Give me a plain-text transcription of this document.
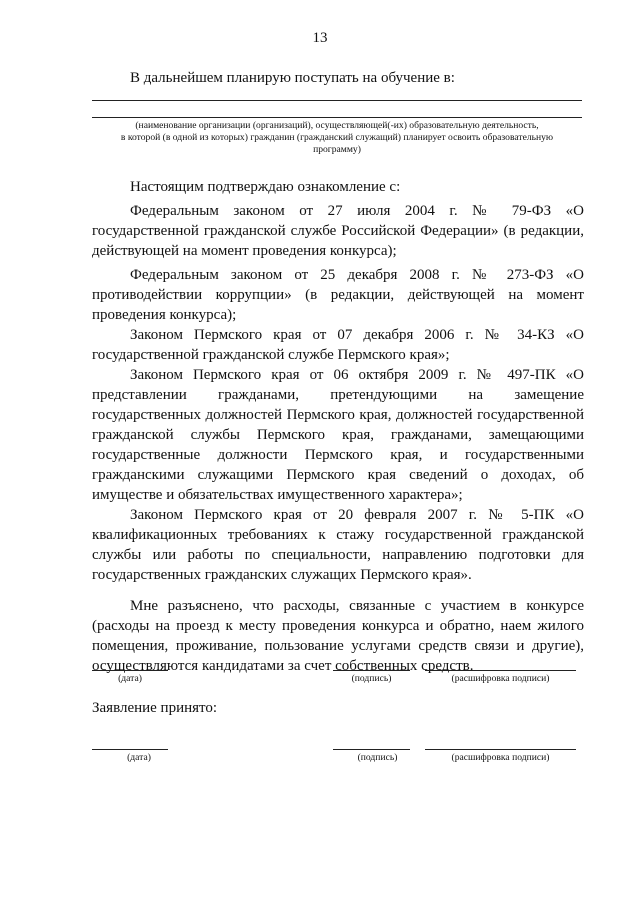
13
В дальнейшем планирую поступать на обучение в:
(наименование организации (организаций), осуществляющей(-их) образовательную деятельность,
в которой (в одной из которых) гражданин (гражданский служащий) планирует освоить образовательную
программу)

Настоящим подтверждаю ознакомление с:

Федеральным законом от 27 июля 2004 г. № 79-ФЗ «О государственной гражданской службе Российской Федерации» (в редакции, действующей на момент проведения конкурса);

Федеральным законом от 25 декабря 2008 г. № 273-ФЗ «О противодействии коррупции» (в редакции, действующей на момент проведения конкурса);

Законом Пермского края от 07 декабря 2006 г. № 34-КЗ «О государственной гражданской службе Пермского края»;

Законом Пермского края от 06 октября 2009 г. № 497-ПК «О представлении гражданами, претендующими на замещение государственных должностей Пермского края, должностей государственной гражданской службы Пермского края, гражданами, замещающими государственные должности Пермского края, и государственными гражданскими служащими Пермского края сведений о доходах, об имуществе и обязательствах имущественного характера»;

Законом Пермского края от 20 февраля 2007 г. № 5-ПК «О квалификационных требованиях к стажу государственной гражданской службы или работы по специальности, направлению подготовки для государственных гражданских служащих Пермского края».

Мне разъяснено, что расходы, связанные с участием в конкурсе (расходы на проезд к месту проведения конкурса и обратно, наем жилого помещения, проживание, пользование услугами средств связи и другие), осуществляются кандидатами за счет собственных средств.

(дата)	(подпись)	(расшифровка подписи)
Заявление принято:
(дата)	(подпись)	(расшифровка подписи)
